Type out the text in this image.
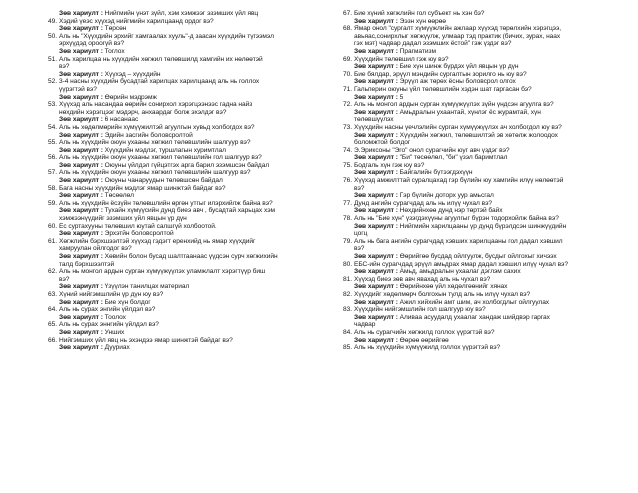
Зөв хариулт : Нийгмийн үнэт зүйл, хэм хэмжээг эзэмших үйл явц
49. Хэдий үеэс хүүхэд нийгмийн харилцаанд ордог вэ?
Зөв хариулт : Төрсөн
50. Аль нь "Хүүхдийн эрхийг хамгаалах хууль"-д заасан хүүхдийн түгээмэл
эрхүүдэд ороогүй вэ?
Зөв хариулт : Тоглох
51. Аль харилцаа нь хүүхдийн хөгжил төлөвшилд хамгийн их нөлөөтэй
вэ?
Зөв хариулт : Хүүхэд – хүүхдийн
52. 3-4 насны хүүхдийн бусадтай харилцах харилцаанд аль нь голлох
үүрэгтэй вэ?
Зөв хариулт : Өөрийн мэдрэмж
53. Хүүхэд аль насандаа өөрийн сонирхол хэрэгцээнээс гадна найз
нөхдийн хэрэгцээг мэдэрч, анхаардаг болж эхэлдэг вэ?
Зөв хариулт : 6 насанаас
54. Аль нь хөдөлмөрийн хүмүүжилтэй агуулгын хувьд холбогдох вэ?
Зөв хариулт : Эдийн засгийн боловсролтой
55. Аль нь хүүхдийн оюун ухааны хөгжил төлөвшлийн шалгуур вэ?
Зөв хариулт : Хүүхдийн мэдлэг, туршлагын хуримтлал
56. Аль нь хүүхдийн оюун ухааны хөгжил төлөвшлийн гол шалгуур вэ?
Зөв хариулт : Оюуны үйлдэл гүйцэтгэх арга барил эзэмшсэн байдал
57. Аль нь хүүхдийн оюун ухааны хөгжил төлөвшлийн шалгуур вэ?
Зөв хариулт : Оюуны чанаруудын төлөвшсөн байдал
58. Бага насны хүүхдийн мэдлэг ямар шинжтэй байдаг вэ?
Зөв хариулт : Төсөөлөл
59. Аль нь хүүхдийн ёсзүйн төлөвшлийн өргөн утгыг илэрхийлж байна вэ?
Зөв хариулт : Тухайн хүмүүсийн дунд биеэ авч , бусадтай харьцах хэм
хэмжээнүүдийг эзэмших үйл явцын үр дүн
60. Ёс суртахууны төлөвшил юутай салшгүй холбоотой.
Зөв хариулт : Эрхэтйн боловсролтой
61. Хөгжлийн бэрхшээлтэй хүүхэд гэдэгт еренхийд нь ямар хүүхдийг
хамруулан ойлгодог вэ?
Зөв хариулт : Хөвийн болон бусад шалтгаанаас үүдсэн сурч хөгжихийн
талд бэрхшээлтэй
62. Аль нь монгол ардын сурган хүмүүжүүлэх уламжлалт хэрэгтүүр биш
вэ?
Зөв хариулт : Үзүүлэн танилцах материал
63. Хүний нийгэмшлийн үр дүн юу вэ?
Зөв хариулт : Бие хүн болдог
64. Аль нь сурах энгийн үйлдэл вэ?
Зөв хариулт : Тоолох
65. Аль нь сурах эннгийн үйлдэл вэ?
Зөв хариулт : Унших
66. Нийгэмших үйл явц нь эхэндээ ямар шинжтэй байдаг вэ?
Зөв хариулт : Дууриах
67. Бие хүний хөгжлийн гол субъект нь хэн бэ?
Зөв хариулт : Ээзн хүн өөрөө
68. Ямар онол "сургалт хүмүүжлийн ажлаар хүүхэд төрөлхийн хэрэгцээ,
авьяас,сонирхлыг хөгжүүлж, улмаар тэд практик (бичих, зурах, наах
гэх мэт) чадвар дадал эзэмших ёстой" гэж үздэг вэ?
Зөв хариулт : Прагматизм
69. Хүүхдийн төлөвшил гэж юу вэ?
Зөв хариулт : Бие хүн шинж бүрдэх үйл явцын үр дүн
70. Бие бялдар, эрүүл мэндийн сургалтын зорилго нь юу вэ?
Зөв хариулт : Эрүүл аж төрөх ёсны боловсрол олгох
71. Гальперин оюуны үйл төлөвшлийн хэдэн шат гаргасан бэ?
Зөв хариулт : 5
72. Аль нь монгол ардын сурган хүмүүжүүлэх зүйн үндсэн агуулга вэ?
Зөв хариулт : Амьдралын ухаантай, хүнлэг ёс журамтай, хүн
төлөвшүүлэх
73. Хүүхдийн насны үечлэлийн сурган хүмүүжүүлэх ач холбогдол юу вэ?
Зөв хариулт : Хүүхдийн хөгжил, төлөвшилтэй эв хөтөлж жолоодох
боломжтой болдог
74. Э.Эриксоны "Эго" онол сурагчийн юуг авч үздэг вэ?
Зөв хариулт : "Би" төсөөлөл, "би" үзэл баримтлал
75. Бодгаль хүн гэж юу вэ?
Зөв хариулт : Байгалийн бүтээгдэхүүн
76. Хүүхэд амжилттай суралцахад гэр бүлийн юу хамгийн илүү нөлөөтэй
вэ?
Зөв хариулт : Гэр бүлийн доторх уур амьсгал
77. Дунд ангийн сурагчдад аль нь илүү чухал вэ?
Зөв хариулт : Нөхдийнхөө дунд нэр төртэй байх
78. Аль нь "Бие хүн" үзэгдэхүүны агуулгыг бүрэн тодорхойлж байна вэ?
Зөв хариулт : Нийгмийн харилцааны үр дүнд бүрэлдсэн шинжүүдийн
цогц
79. Аль нь бага ангийн сурагчдад хэвших харилцааны гол дадал хэвшил
вэ?
Зөв хариулт : Өөрийгөө бусдад ойлгуулж, бусдыг ойлгохыг хичээх
80. ЕБС-ийн сурагчдад эрүүл амьдрах ямар дадал хэвшил илүү чухал вэ?
Зөв хариулт : Амьд, амьдралын ухаалаг дэглэм сахих
81. Хүүхэд биеэ зөв авч явахад аль нь чухал вэ?
Зөв хариулт : Өөрийнхөө үйл хөдөлгөөнийг хянах
82. Хүүхдийг хөдөлмөрч болгохын тулд аль нь илүү чухал вэ?
Зөв хариулт : Ажил хийхийн амт шим, ач холбогдлыг ойлгуулах
83. Хүүхдийн нийгэмшлийн гол шалгуур юу вэ?
Зөв хариулт : Аливаа асуудалд ухаалаг хандаж шийдвэр гаргах
чадвар
84. Аль нь сурагчийн хөгжилд голлох үүрэгтэй вэ?
Зөв хариулт : Өөрөө өөрийгөө
85. Аль нь хүүхдийн хүмүүжилд голлох үүрэгтэй вэ?
